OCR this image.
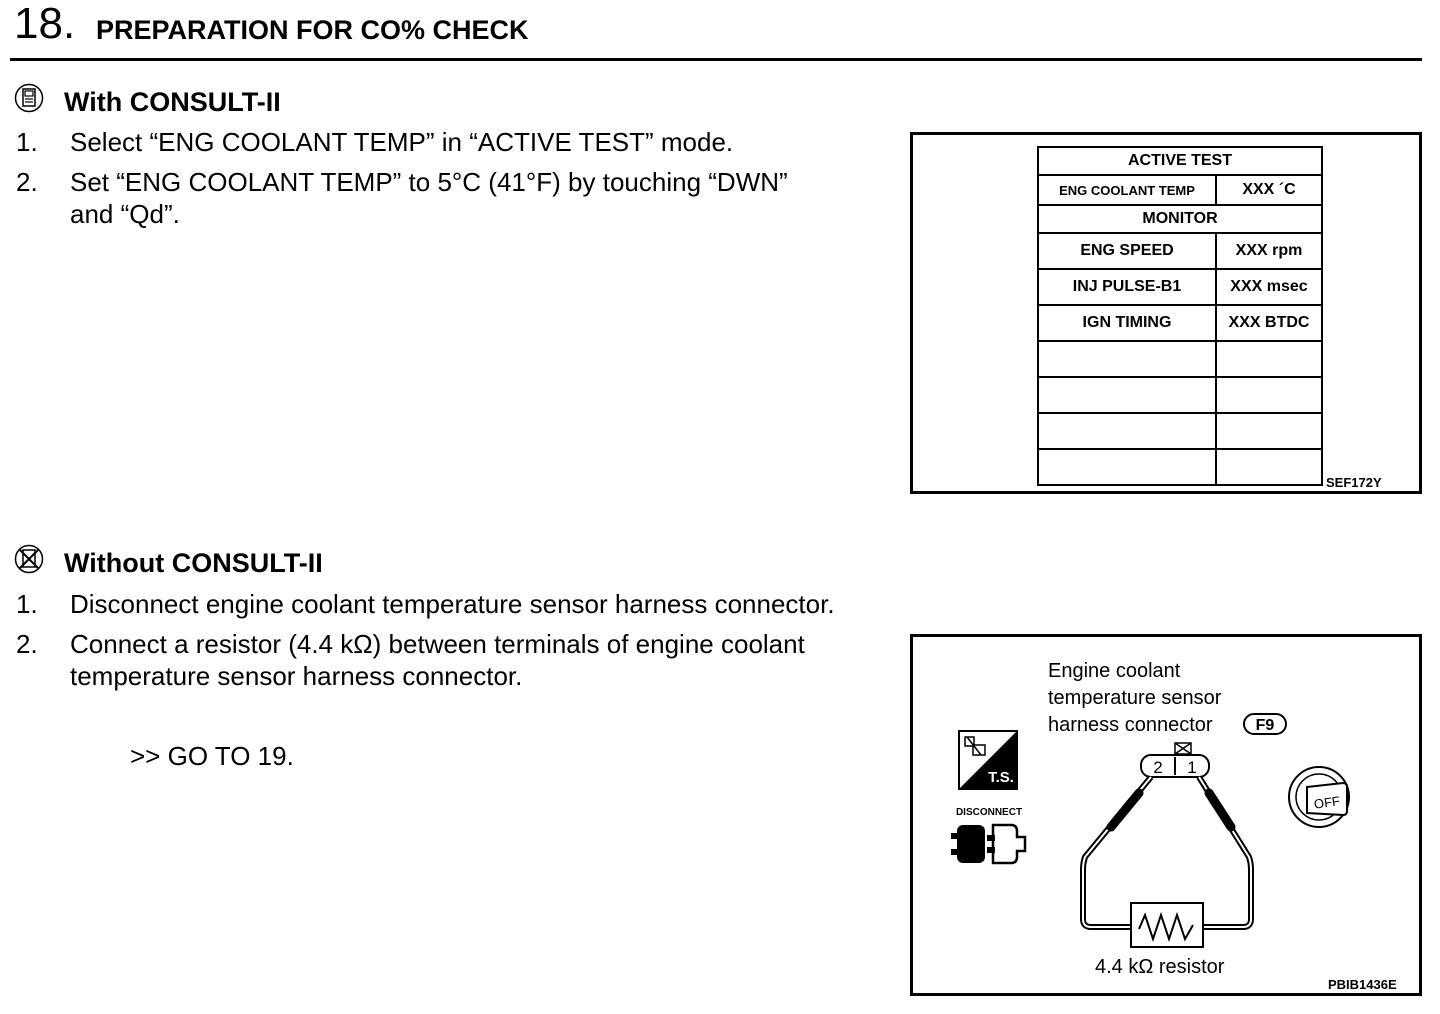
18. PREPARATION FOR CO% CHECK
With CONSULT-II
1. Select “ENG COOLANT TEMP” in “ACTIVE TEST” mode.
2. Set “ENG COOLANT TEMP” to 5°C (41°F) by touching “DWN”
and “Qd”.
ACTIVE TEST	
ENG COOLANT TEMP	XXX ´C
MONITOR	
ENG SPEED	XXX rpm
INJ PULSE-B1	XXX msec
IGN TIMING	XXX BTDC

SEF172Y
Without CONSULT-II
1. Disconnect engine coolant temperature sensor harness connector.
2. Connect a resistor (4.4 kΩ) between terminals of engine coolant
temperature sensor harness connector.
>> GO TO 19.
Engine coolant
temperature sensor
harness connector	F9
2 1
T.S.
DISCONNECT
OFF
4.4 kΩ resistor
PBIB1436E
